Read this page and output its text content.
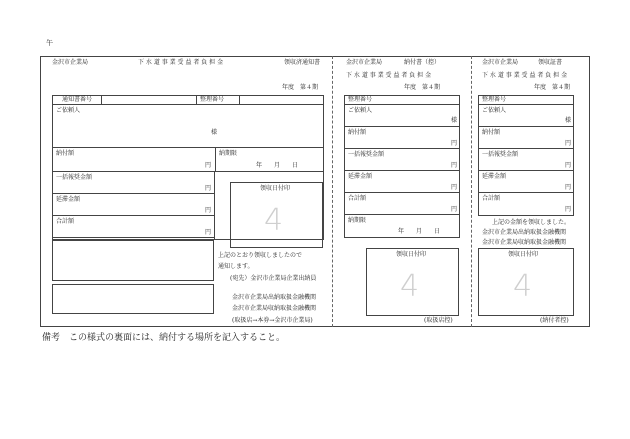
午
金沢市企業局	下 水 道 事 業 受 益 者 負 担 金	領収済通知書
年度　第４期
通知書番号	整理番号
ご依頼人
様
納付額
円
納期限
年　　月　　日
一括報奨金額
円
延滞金額
円
合計額
円
領収日付印
4
上記のとおり領収しましたので
通知します。
(宛先）金沢市企業局企業出納員
金沢市企業局出納取扱金融機関
金沢市企業局収納取扱金融機関
(取扱店→本券→金沢市企業局)
金沢市企業局	納付書（控）
下 水 道 事 業 受 益 者 負 担 金
年度　第４期
整理番号
ご依頼人
様
納付額
円
一括報奨金額
円
延滞金額
円
合計額
円
納期限
年　　月　　日
領収日付印
4
(取扱店控)
金沢市企業局	領収証書
下 水 道 事 業 受 益 者 負 担 金
年度　第４期
整理番号
ご依頼人
様
納付額
円
一括報奨金額
円
延滞金額
円
合計額
円
上記の金額を領収しました。
金沢市企業局出納取扱金融機関
金沢市企業局収納取扱金融機関
領収日付印
4
(納付者控)
備考　この様式の裏面には、納付する場所を記入すること。
